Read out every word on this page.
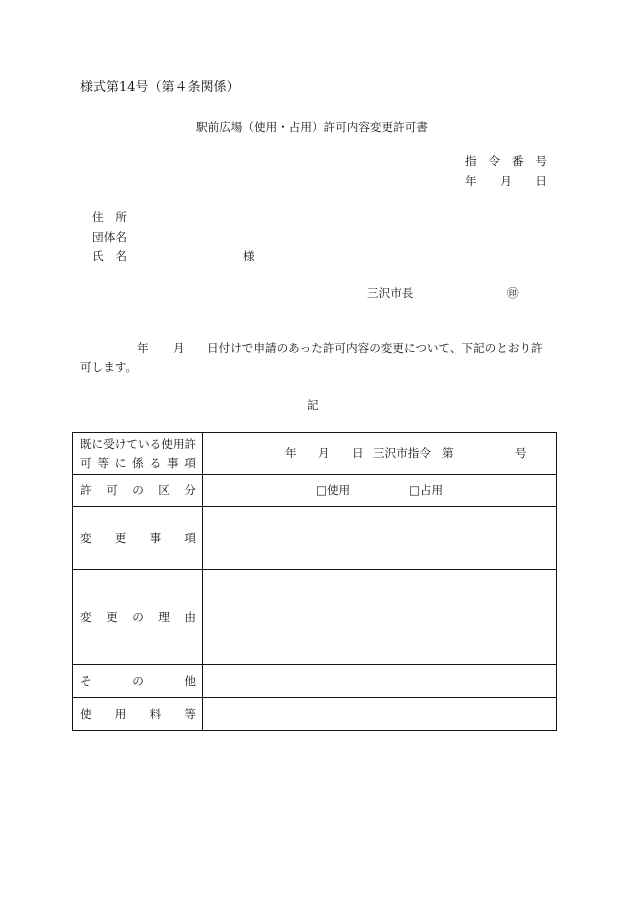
様式第14号（第４条関係）
駅前広場（使用・占用）許可内容変更許可書
指 令 番 号
年 月 日
住 所
団 体 名
氏 名	様
三沢市長	㊞
年 月 日付けで申請のあった許可内容の変更について、下記のとおり許
可します。
記
既 に 受 け て い る 使 用 許
可 等 に 係 る 事 項
年 月 日 三沢市指令 第	号
許 可 の 区 分	□使用	□占用
変 更 事 項
変 更 の 理 由
そ	の	他
使 用 料 等
